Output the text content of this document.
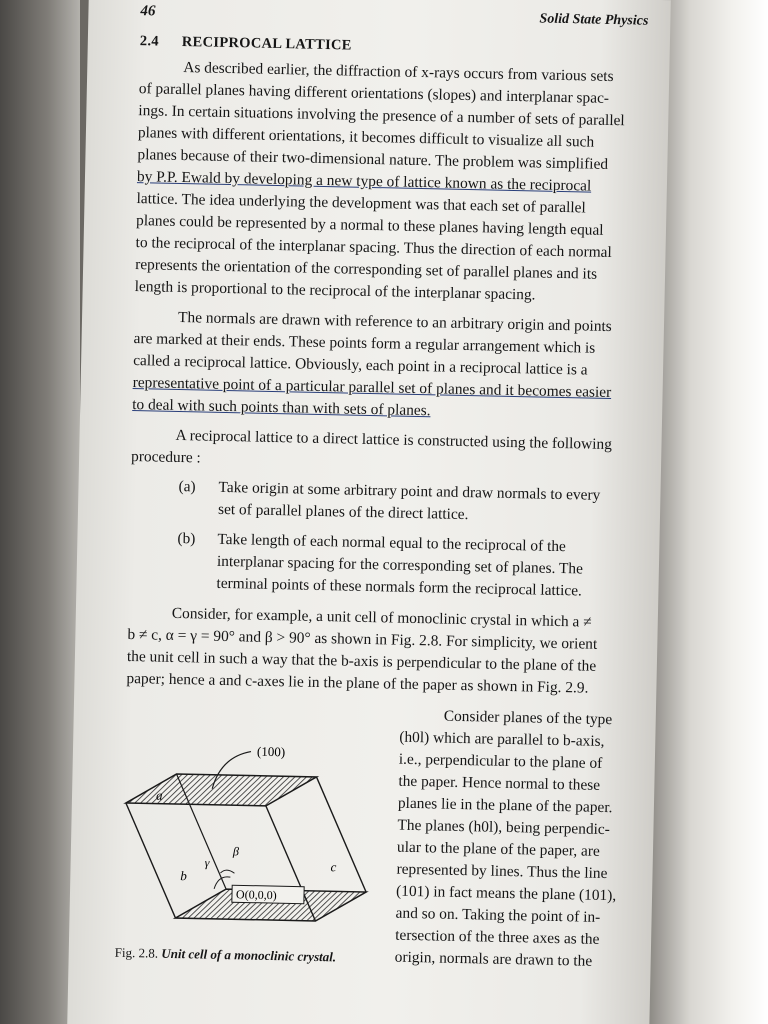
46
Solid State Physics
2.4 RECIPROCAL LATTICE
As described earlier, the diffraction of x-rays occurs from various sets
of parallel planes having different orientations (slopes) and interplanar spac-
ings. In certain situations involving the presence of a number of sets of parallel
planes with different orientations, it becomes difficult to visualize all such
planes because of their two-dimensional nature. The problem was simplified
by P.P. Ewald by developing a new type of lattice known as the reciprocal
lattice. The idea underlying the development was that each set of parallel
planes could be represented by a normal to these planes having length equal
to the reciprocal of the interplanar spacing. Thus the direction of each normal
represents the orientation of the corresponding set of parallel planes and its
length is proportional to the reciprocal of the interplanar spacing.
The normals are drawn with reference to an arbitrary origin and points
are marked at their ends. These points form a regular arrangement which is
called a reciprocal lattice. Obviously, each point in a reciprocal lattice is a
representative point of a particular parallel set of planes and it becomes easier
to deal with such points than with sets of planes.
A reciprocal lattice to a direct lattice is constructed using the following
procedure :
(a) Take origin at some arbitrary point and draw normals to every
set of parallel planes of the direct lattice.
(b) Take length of each normal equal to the reciprocal of the
interplanar spacing for the corresponding set of planes. The
terminal points of these normals form the reciprocal lattice.
Consider, for example, a unit cell of monoclinic crystal in which a ≠
b ≠ c, α = γ = 90° and β > 90° as shown in Fig. 2.8. For simplicity, we orient
the unit cell in such a way that the b-axis is perpendicular to the plane of the
paper; hence a and c-axes lie in the plane of the paper as shown in Fig. 2.9.
Consider planes of the type
(h0l) which are parallel to b-axis,
i.e., perpendicular to the plane of
the paper. Hence normal to these
planes lie in the plane of the paper.
The planes (h0l), being perpendic-
ular to the plane of the paper, are
represented by lines. Thus the line
(101) in fact means the plane (101),
and so on. Taking the point of in-
tersection of the three axes as the
origin, normals are drawn to the
(100)
a⃗
b⃗
c⃗
β
γ
O(0,0,0)
Fig. 2.8. Unit cell of a monoclinic crystal.
